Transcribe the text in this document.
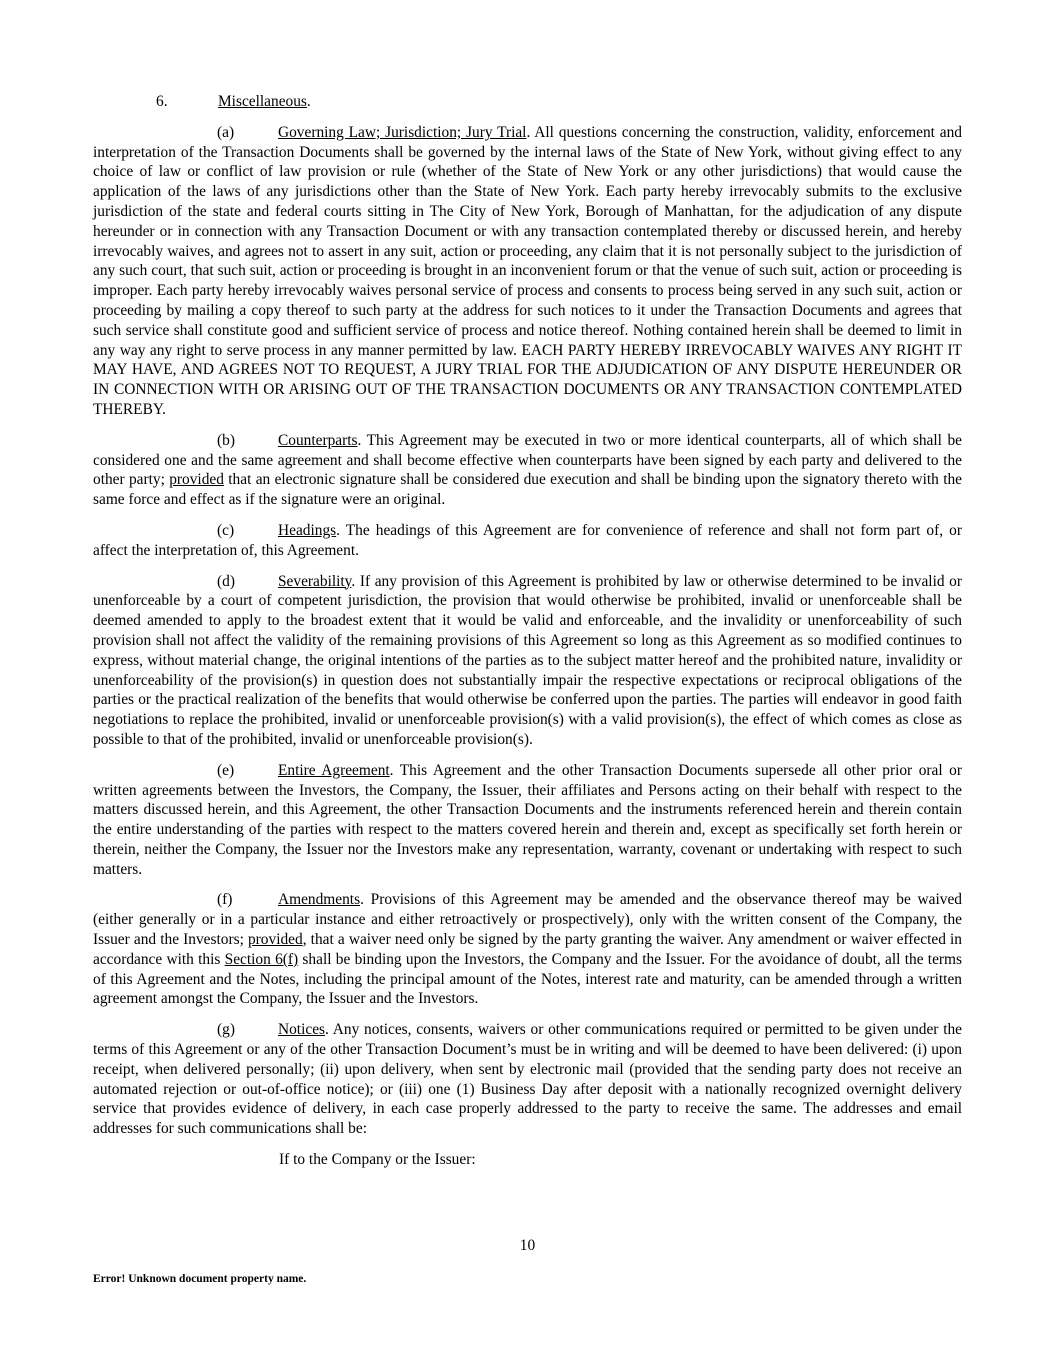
6.	Miscellaneous.

(a)	Governing Law; Jurisdiction; Jury Trial. All questions concerning the construction, validity, enforcement and interpretation of the Transaction Documents shall be governed by the internal laws of the State of New York, without giving effect to any choice of law or conflict of law provision or rule (whether of the State of New York or any other jurisdictions) that would cause the application of the laws of any jurisdictions other than the State of New York. Each party hereby irrevocably submits to the exclusive jurisdiction of the state and federal courts sitting in The City of New York, Borough of Manhattan, for the adjudication of any dispute hereunder or in connection with any Transaction Document or with any transaction contemplated thereby or discussed herein, and hereby irrevocably waives, and agrees not to assert in any suit, action or proceeding, any claim that it is not personally subject to the jurisdiction of any such court, that such suit, action or proceeding is brought in an inconvenient forum or that the venue of such suit, action or proceeding is improper. Each party hereby irrevocably waives personal service of process and consents to process being served in any such suit, action or proceeding by mailing a copy thereof to such party at the address for such notices to it under the Transaction Documents and agrees that such service shall constitute good and sufficient service of process and notice thereof. Nothing contained herein shall be deemed to limit in any way any right to serve process in any manner permitted by law. EACH PARTY HEREBY IRREVOCABLY WAIVES ANY RIGHT IT MAY HAVE, AND AGREES NOT TO REQUEST, A JURY TRIAL FOR THE ADJUDICATION OF ANY DISPUTE HEREUNDER OR IN CONNECTION WITH OR ARISING OUT OF THE TRANSACTION DOCUMENTS OR ANY TRANSACTION CONTEMPLATED THEREBY.

(b)	Counterparts. This Agreement may be executed in two or more identical counterparts, all of which shall be considered one and the same agreement and shall become effective when counterparts have been signed by each party and delivered to the other party; provided that an electronic signature shall be considered due execution and shall be binding upon the signatory thereto with the same force and effect as if the signature were an original.

(c)	Headings. The headings of this Agreement are for convenience of reference and shall not form part of, or affect the interpretation of, this Agreement.

(d)	Severability. If any provision of this Agreement is prohibited by law or otherwise determined to be invalid or unenforceable by a court of competent jurisdiction, the provision that would otherwise be prohibited, invalid or unenforceable shall be deemed amended to apply to the broadest extent that it would be valid and enforceable, and the invalidity or unenforceability of such provision shall not affect the validity of the remaining provisions of this Agreement so long as this Agreement as so modified continues to express, without material change, the original intentions of the parties as to the subject matter hereof and the prohibited nature, invalidity or unenforceability of the provision(s) in question does not substantially impair the respective expectations or reciprocal obligations of the parties or the practical realization of the benefits that would otherwise be conferred upon the parties. The parties will endeavor in good faith negotiations to replace the prohibited, invalid or unenforceable provision(s) with a valid provision(s), the effect of which comes as close as possible to that of the prohibited, invalid or unenforceable provision(s).

(e)	Entire Agreement. This Agreement and the other Transaction Documents supersede all other prior oral or written agreements between the Investors, the Company, the Issuer, their affiliates and Persons acting on their behalf with respect to the matters discussed herein, and this Agreement, the other Transaction Documents and the instruments referenced herein and therein contain the entire understanding of the parties with respect to the matters covered herein and therein and, except as specifically set forth herein or therein, neither the Company, the Issuer nor the Investors make any representation, warranty, covenant or undertaking with respect to such matters.

(f)	Amendments. Provisions of this Agreement may be amended and the observance thereof may be waived (either generally or in a particular instance and either retroactively or prospectively), only with the written consent of the Company, the Issuer and the Investors; provided, that a waiver need only be signed by the party granting the waiver. Any amendment or waiver effected in accordance with this Section 6(f) shall be binding upon the Investors, the Company and the Issuer. For the avoidance of doubt, all the terms of this Agreement and the Notes, including the principal amount of the Notes, interest rate and maturity, can be amended through a written agreement amongst the Company, the Issuer and the Investors.

(g)	Notices. Any notices, consents, waivers or other communications required or permitted to be given under the terms of this Agreement or any of the other Transaction Document’s must be in writing and will be deemed to have been delivered: (i) upon receipt, when delivered personally; (ii) upon delivery, when sent by electronic mail (provided that the sending party does not receive an automated rejection or out-of-office notice); or (iii) one (1) Business Day after deposit with a nationally recognized overnight delivery service that provides evidence of delivery, in each case properly addressed to the party to receive the same. The addresses and email addresses for such communications shall be:

If to the Company or the Issuer:

10
Error! Unknown document property name.
